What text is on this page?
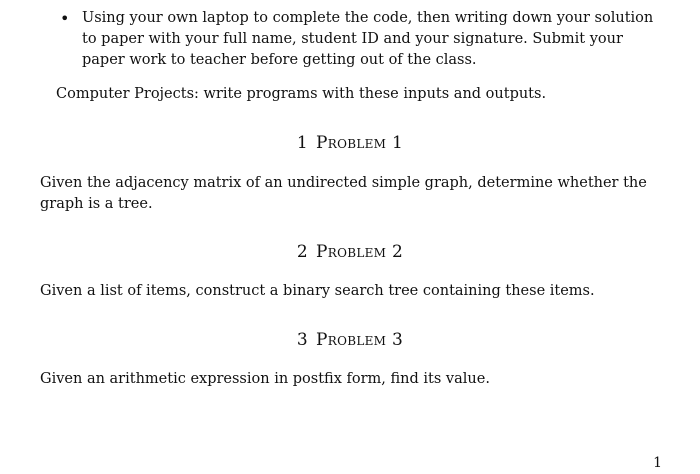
• Using your own laptop to complete the code, then writing down your solution to paper with your full name, student ID and your signature. Submit your paper work to teacher before getting out of the class.

Computer Projects: write programs with these inputs and outputs.

1 Problem 1

Given the adjacency matrix of an undirected simple graph, determine whether the graph is a tree.

2 Problem 2

Given a list of items, construct a binary search tree containing these items.

3 Problem 3

Given an arithmetic expression in postfix form, find its value.

1
